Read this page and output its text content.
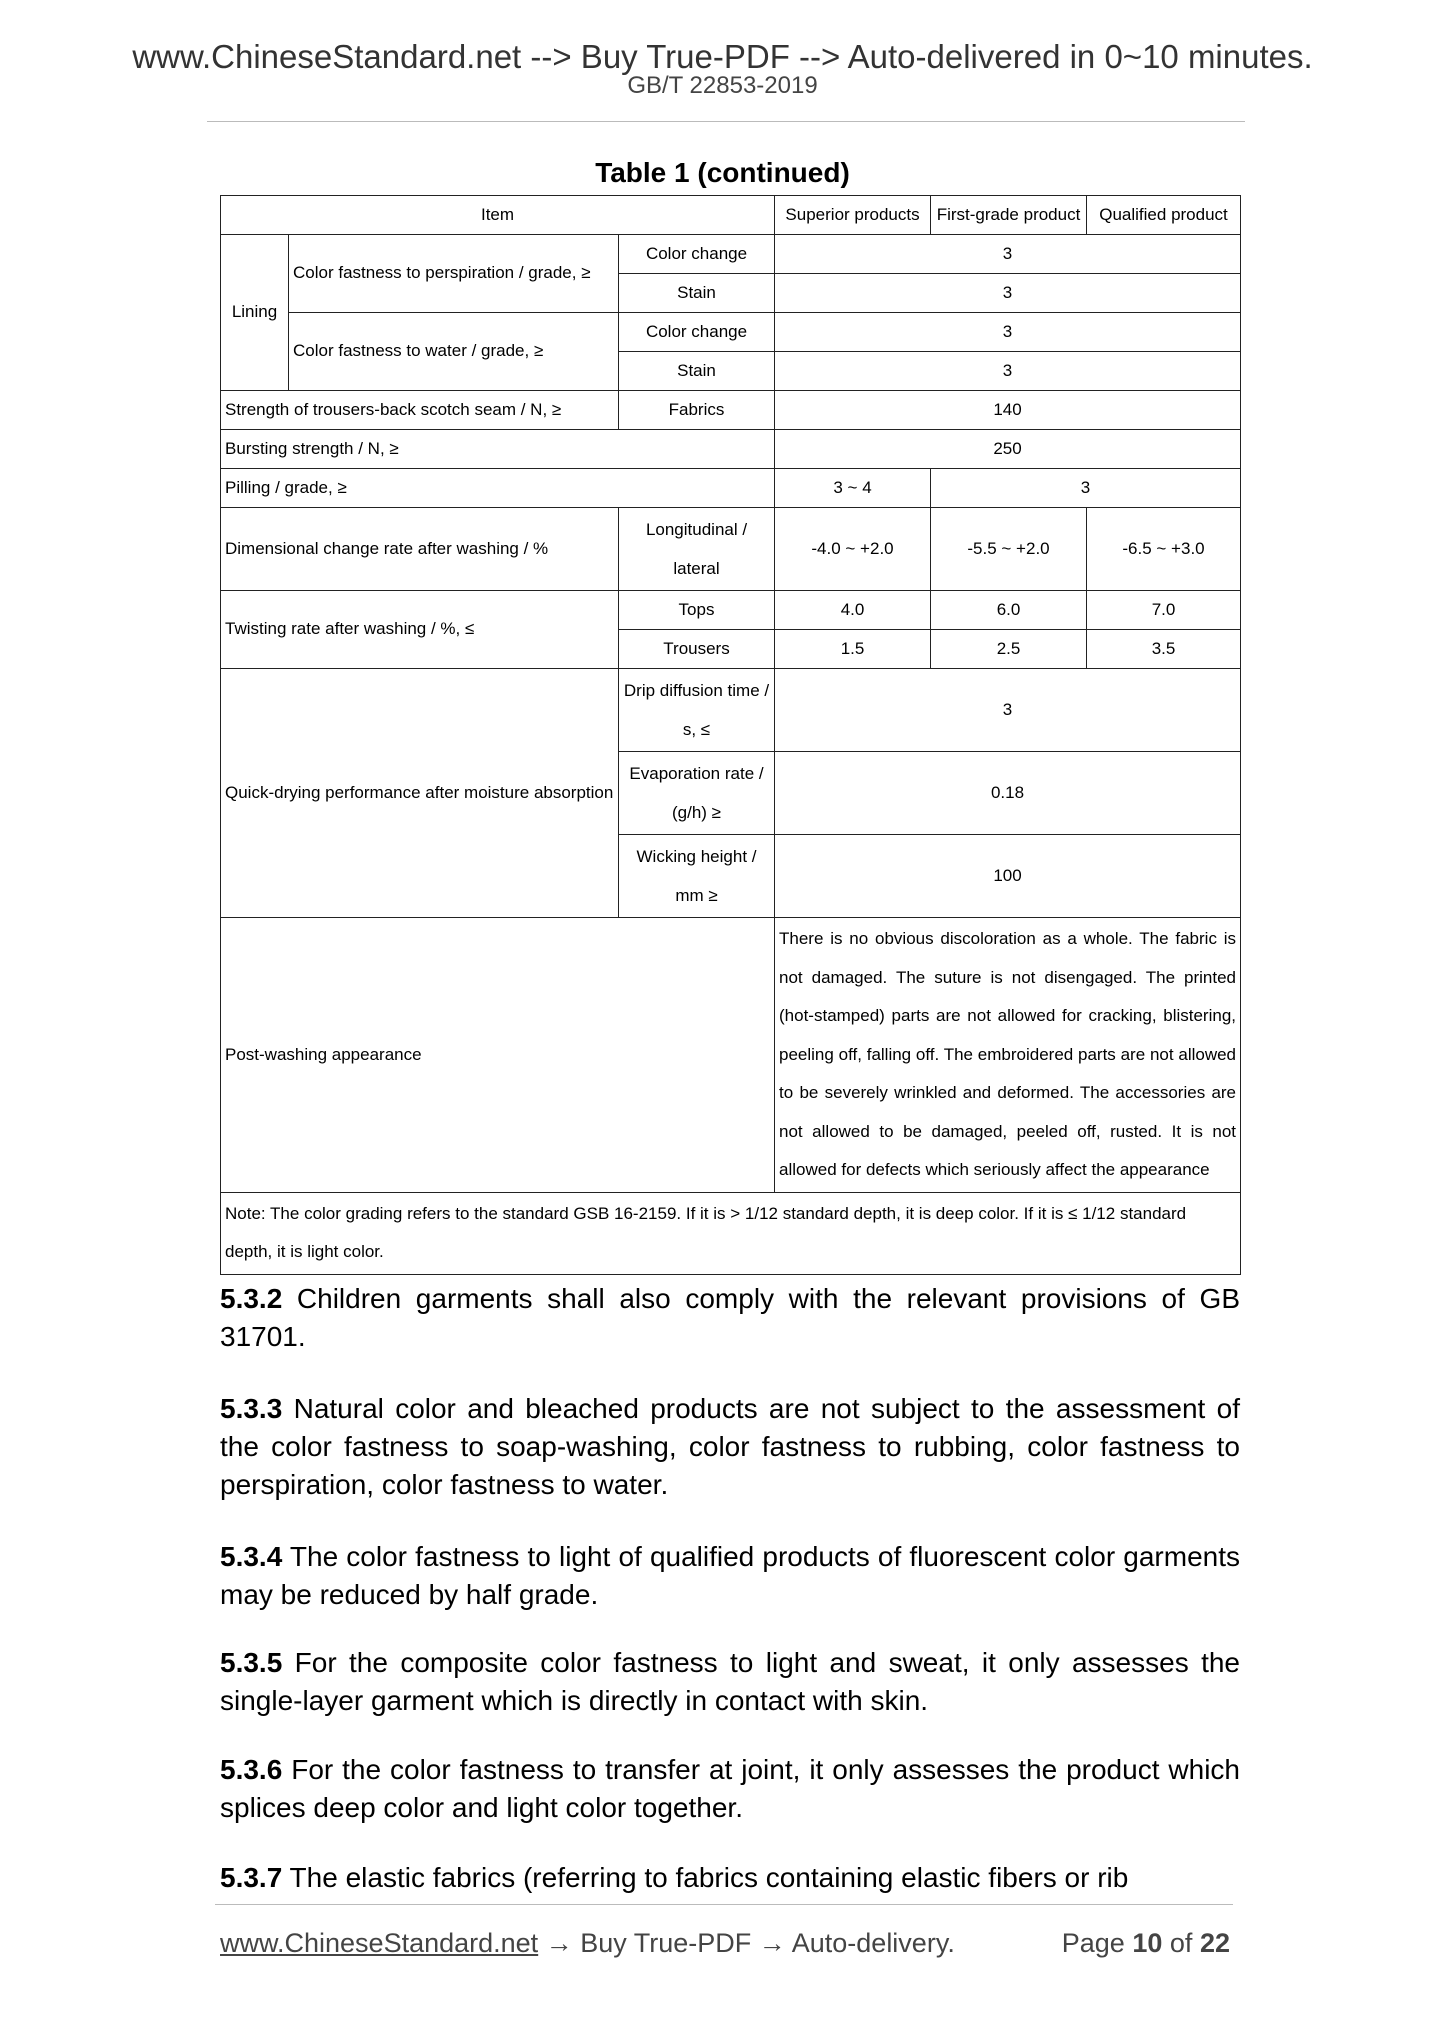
www.ChineseStandard.net --> Buy True-PDF --> Auto-delivered in 0~10 minutes.
GB/T 22853-2019
Table 1 (continued)
Item			Superior products	First-grade product	Qualified product
Lining	Color fastness to perspiration / grade, ≥	Color change	3		
		Stain	3		
	Color fastness to water / grade, ≥	Color change	3		
		Stain	3		
Strength of trousers-back scotch seam / N, ≥		Fabrics	140		
Bursting strength / N, ≥			250		
Pilling / grade, ≥			3 ~ 4	3	
Dimensional change rate after washing / %		Longitudinal / lateral	-4.0 ~ +2.0	-5.5 ~ +2.0	-6.5 ~ +3.0
Twisting rate after washing / %, ≤		Tops	4.0	6.0	7.0
		Trousers	1.5	2.5	3.5
Quick-drying performance after moisture absorption		Drip diffusion time / s, ≤	3		
		Evaporation rate / (g/h) ≥	0.18		
		Wicking height / mm ≥	100		
Post-washing appearance			There is no obvious discoloration as a whole. The fabric is not damaged. The suture is not disengaged. The printed (hot-stamped) parts are not allowed for cracking, blistering, peeling off, falling off. The embroidered parts are not allowed to be severely wrinkled and deformed. The accessories are not allowed to be damaged, peeled off, rusted. It is not allowed for defects which seriously affect the appearance		
Note: The color grading refers to the standard GSB 16-2159. If it is > 1/12 standard depth, it is deep color. If it is ≤ 1/12 standard depth, it is light color.					

5.3.2 Children garments shall also comply with the relevant provisions of GB 31701.

5.3.3 Natural color and bleached products are not subject to the assessment of the color fastness to soap-washing, color fastness to rubbing, color fastness to perspiration, color fastness to water.

5.3.4 The color fastness to light of qualified products of fluorescent color garments may be reduced by half grade.

5.3.5 For the composite color fastness to light and sweat, it only assesses the single-layer garment which is directly in contact with skin.

5.3.6 For the color fastness to transfer at joint, it only assesses the product which splices deep color and light color together.

5.3.7 The elastic fabrics (referring to fabrics containing elastic fibers or rib

www.ChineseStandard.net → Buy True-PDF → Auto-delivery.	Page 10 of 22
